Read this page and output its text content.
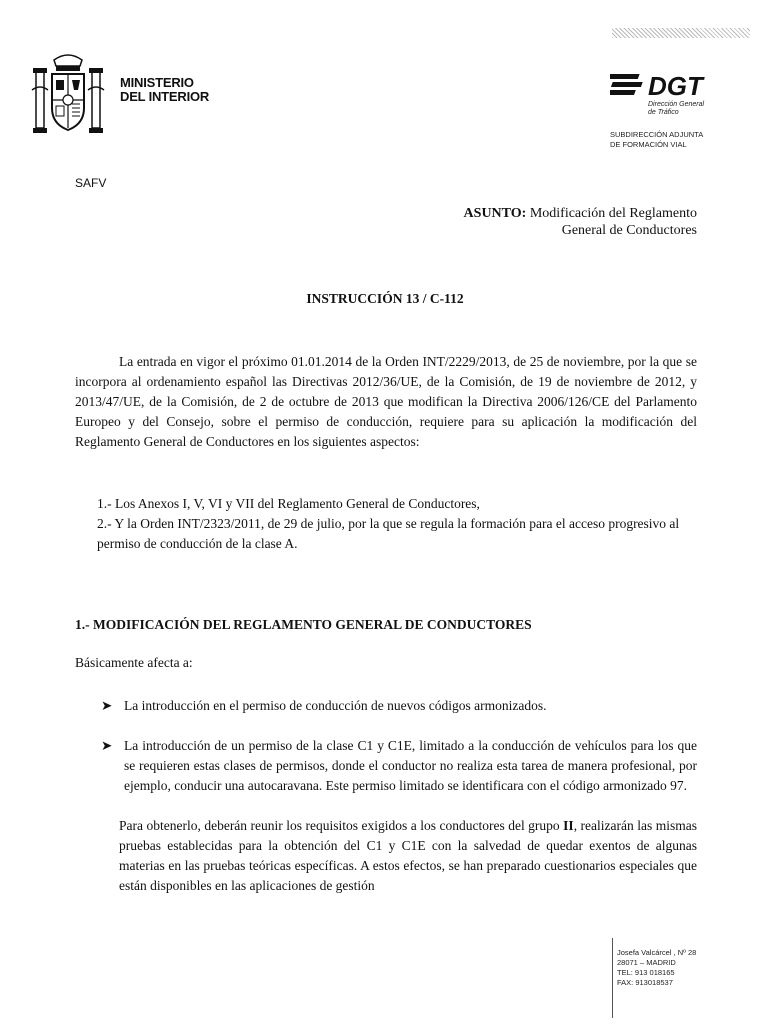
MINISTERIO
DEL INTERIOR	DGT
Dirección General
de Tráfico
SUBDIRECCIÓN ADJUNTA
DE FORMACIÓN VIAL
SAFV
ASUNTO: Modificación del Reglamento
General de Conductores
INSTRUCCIÓN 13 / C-112

La entrada en vigor el próximo 01.01.2014 de la Orden INT/2229/2013, de 25 de noviembre, por la que se incorpora al ordenamiento español las Directivas 2012/36/UE, de la Comisión, de 19 de noviembre de 2012, y 2013/47/UE, de la Comisión, de 2 de octubre de 2013 que modifican la Directiva 2006/126/CE del Parlamento Europeo y del Consejo, sobre el permiso de conducción, requiere para su aplicación la modificación del Reglamento General de Conductores en los siguientes aspectos:

1.- Los Anexos I, V, VI y VII del Reglamento General de Conductores,

2.- Y la Orden INT/2323/2011, de 29 de julio, por la que se regula la formación para el acceso progresivo al permiso de conducción de la clase A.

1.- MODIFICACIÓN DEL REGLAMENTO GENERAL DE CONDUCTORES
Básicamente afecta a:
➤ La introducción en el permiso de conducción de nuevos códigos armonizados.

➤ La introducción de un permiso de la clase C1 y C1E, limitado a la conducción de vehículos para los que se requieren estas clases de permisos, donde el conductor no realiza esta tarea de manera profesional, por ejemplo, conducir una autocaravana. Este permiso limitado se identificara con el código armonizado 97.

Para obtenerlo, deberán reunir los requisitos exigidos a los conductores del grupo II, realizarán las mismas pruebas establecidas para la obtención del C1 y C1E con la salvedad de quedar exentos de algunas materias en las pruebas teóricas específicas. A estos efectos, se han preparado cuestionarios especiales que están disponibles en las aplicaciones de gestión

Josefa Valcárcel , Nº 28
28071 – MADRID
TEL: 913 018165
FAX: 913018537
